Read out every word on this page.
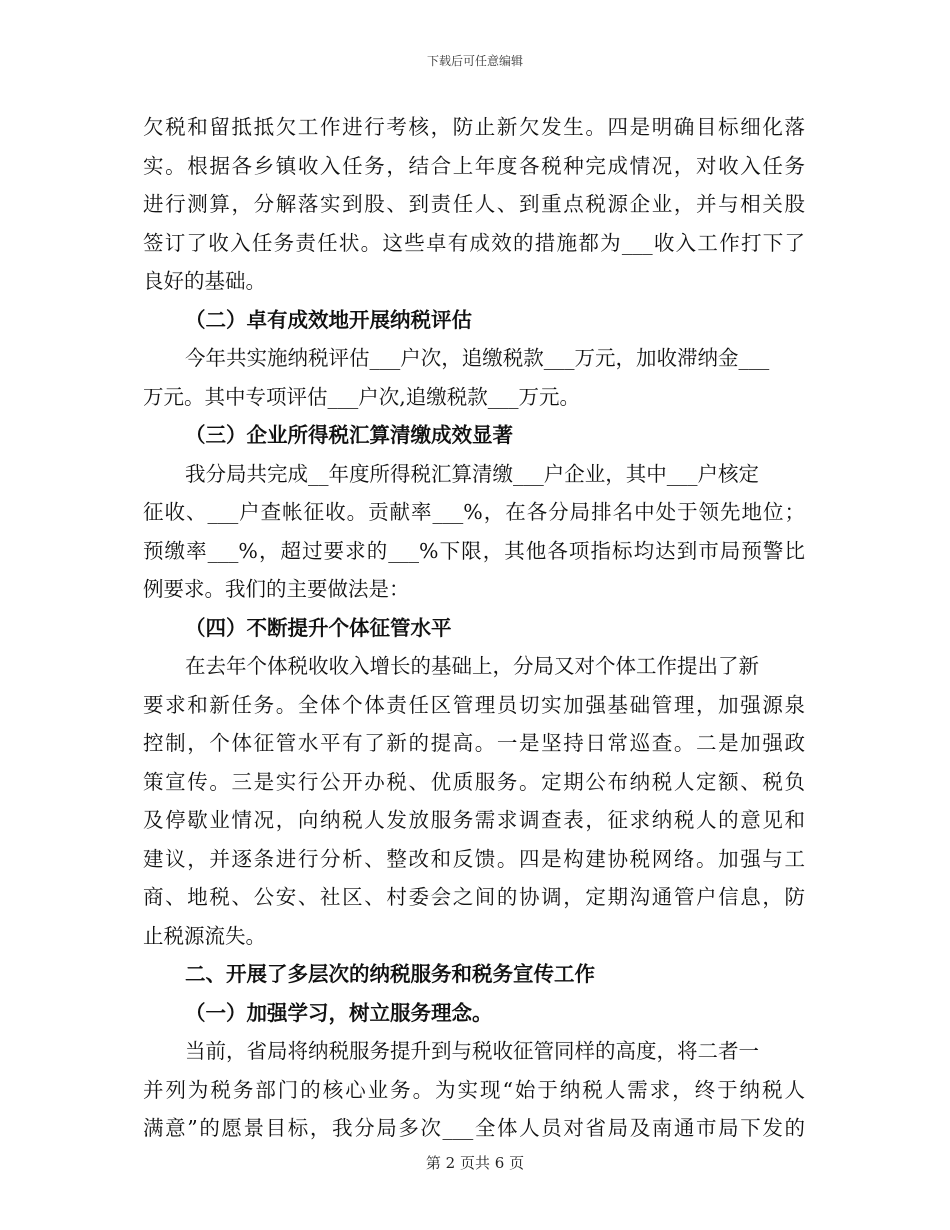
下载后可任意编辑
欠税和留抵抵欠工作进行考核，防止新欠发生。四是明确目标细化落
实。根据各乡镇收入任务，结合上年度各税种完成情况，对收入任务
进行测算，分解落实到股、到责任人、到重点税源企业，并与相关股
签订了收入任务责任状。这些卓有成效的措施都为___收入工作打下了
良好的基础。
（二）卓有成效地开展纳税评估
今年共实施纳税评估___户次，追缴税款___万元，加收滞纳金___
万元。其中专项评估___户次,追缴税款___万元。
（三）企业所得税汇算清缴成效显著
我分局共完成__年度所得税汇算清缴___户企业，其中___户核定
征收、___户查帐征收。贡献率___%，在各分局排名中处于领先地位；
预缴率___%，超过要求的___%下限，其他各项指标均达到市局预警比
例要求。我们的主要做法是：
（四）不断提升个体征管水平
在去年个体税收收入增长的基础上，分局又对个体工作提出了新
要求和新任务。全体个体责任区管理员切实加强基础管理，加强源泉
控制，个体征管水平有了新的提高。一是坚持日常巡查。二是加强政
策宣传。三是实行公开办税、优质服务。定期公布纳税人定额、税负
及停歇业情况，向纳税人发放服务需求调查表，征求纳税人的意见和
建议，并逐条进行分析、整改和反馈。四是构建协税网络。加强与工
商、地税、公安、社区、村委会之间的协调，定期沟通管户信息，防
止税源流失。
二、开展了多层次的纳税服务和税务宣传工作
（一）加强学习，树立服务理念。
当前，省局将纳税服务提升到与税收征管同样的高度，将二者一
并列为税务部门的核心业务。为实现“始于纳税人需求，终于纳税人
满意”的愿景目标，我分局多次___全体人员对省局及南通市局下发的
第 2 页共 6 页
